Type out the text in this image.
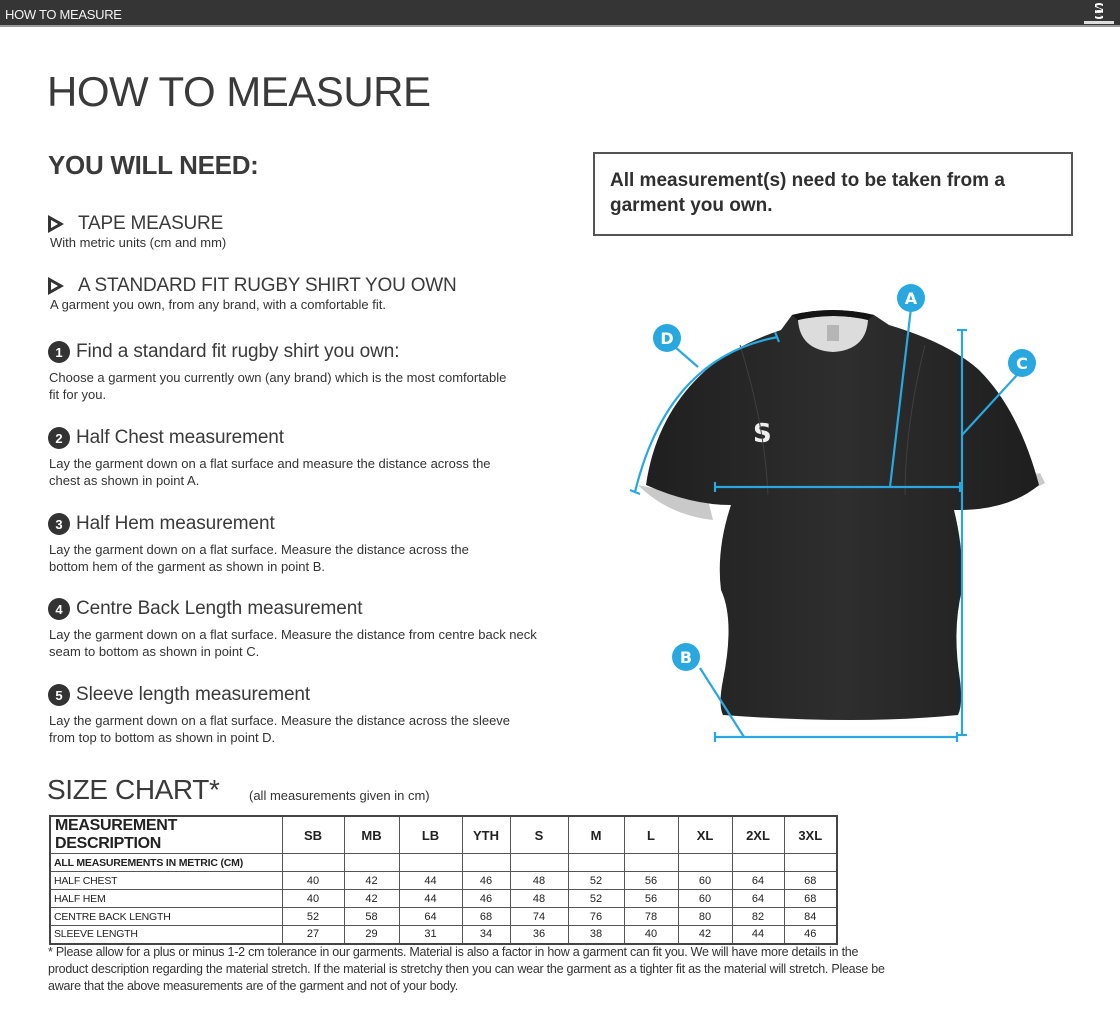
HOW TO MEASURE
HOW TO MEASURE
YOU WILL NEED:
TAPE MEASURE
With metric units (cm and mm)
A STANDARD FIT RUGBY SHIRT YOU OWN
A garment you own, from any brand, with a comfortable fit.
1 Find a standard fit rugby shirt you own:
Choose a garment you currently own (any brand) which is the most comfortable fit for you.
2 Half Chest measurement
Lay the garment down on a flat surface and measure the distance across the chest as shown in point A.
3 Half Hem measurement
Lay the garment down on a flat surface. Measure the distance across the bottom hem of the garment as shown in point B.
4 Centre Back Length measurement
Lay the garment down on a flat surface. Measure the distance from centre back neck seam to bottom as shown in point C.
5 Sleeve length measurement
Lay the garment down on a flat surface. Measure the distance across the sleeve from top to bottom as shown in point D.
All measurement(s) need to be taken from a garment you own.
S
A
B
C
D
SIZE CHART* (all measurements given in cm)
MEASUREMENT DESCRIPTION	SB	MB	LB	YTH	S	M	L	XL	2XL	3XL
ALL MEASUREMENTS IN METRIC (CM)										
HALF CHEST	40	42	44	46	48	52	56	60	64	68
HALF HEM	40	42	44	46	48	52	56	60	64	68
CENTRE BACK LENGTH	52	58	64	68	74	76	78	80	82	84
SLEEVE LENGTH	27	29	31	34	36	38	40	42	44	46

* Please allow for a plus or minus 1-2 cm tolerance in our garments. Material is also a factor in how a garment can fit you. We will have more details in the product description regarding the material stretch. If the material is stretchy then you can wear the garment as a tighter fit as the material will stretch. Please be aware that the above measurements are of the garment and not of your body.
